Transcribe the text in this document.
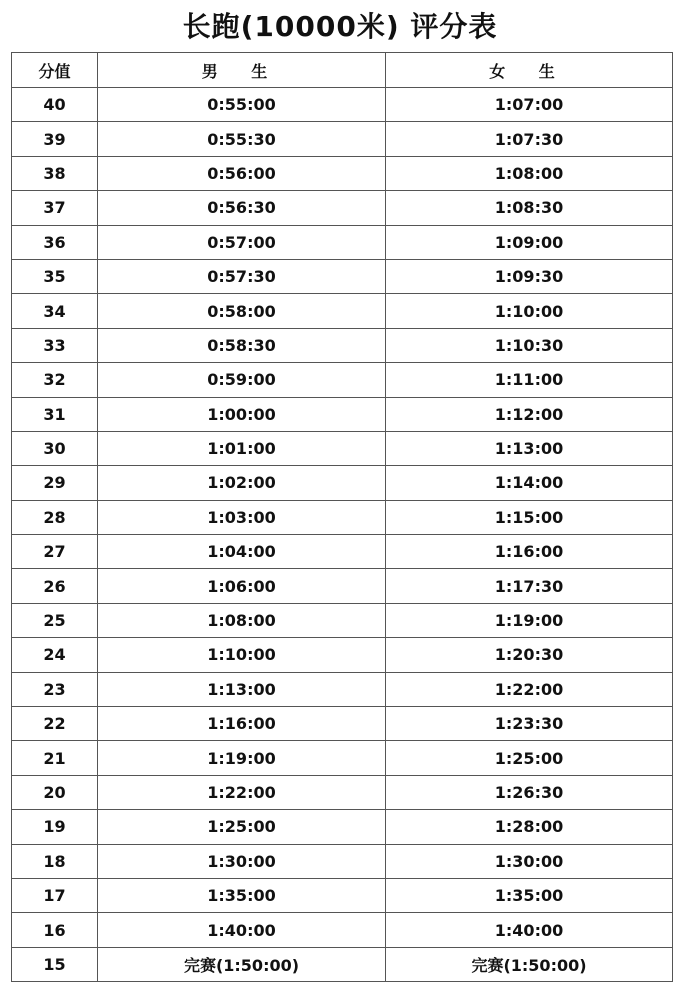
长跑(10000米) 评分表
分值	男 生	女 生
40	0:55:00	1:07:00
39	0:55:30	1:07:30
38	0:56:00	1:08:00
37	0:56:30	1:08:30
36	0:57:00	1:09:00
35	0:57:30	1:09:30
34	0:58:00	1:10:00
33	0:58:30	1:10:30
32	0:59:00	1:11:00
31	1:00:00	1:12:00
30	1:01:00	1:13:00
29	1:02:00	1:14:00
28	1:03:00	1:15:00
27	1:04:00	1:16:00
26	1:06:00	1:17:30
25	1:08:00	1:19:00
24	1:10:00	1:20:30
23	1:13:00	1:22:00
22	1:16:00	1:23:30
21	1:19:00	1:25:00
20	1:22:00	1:26:30
19	1:25:00	1:28:00
18	1:30:00	1:30:00
17	1:35:00	1:35:00
16	1:40:00	1:40:00
15	完赛(1:50:00)	完赛(1:50:00)
